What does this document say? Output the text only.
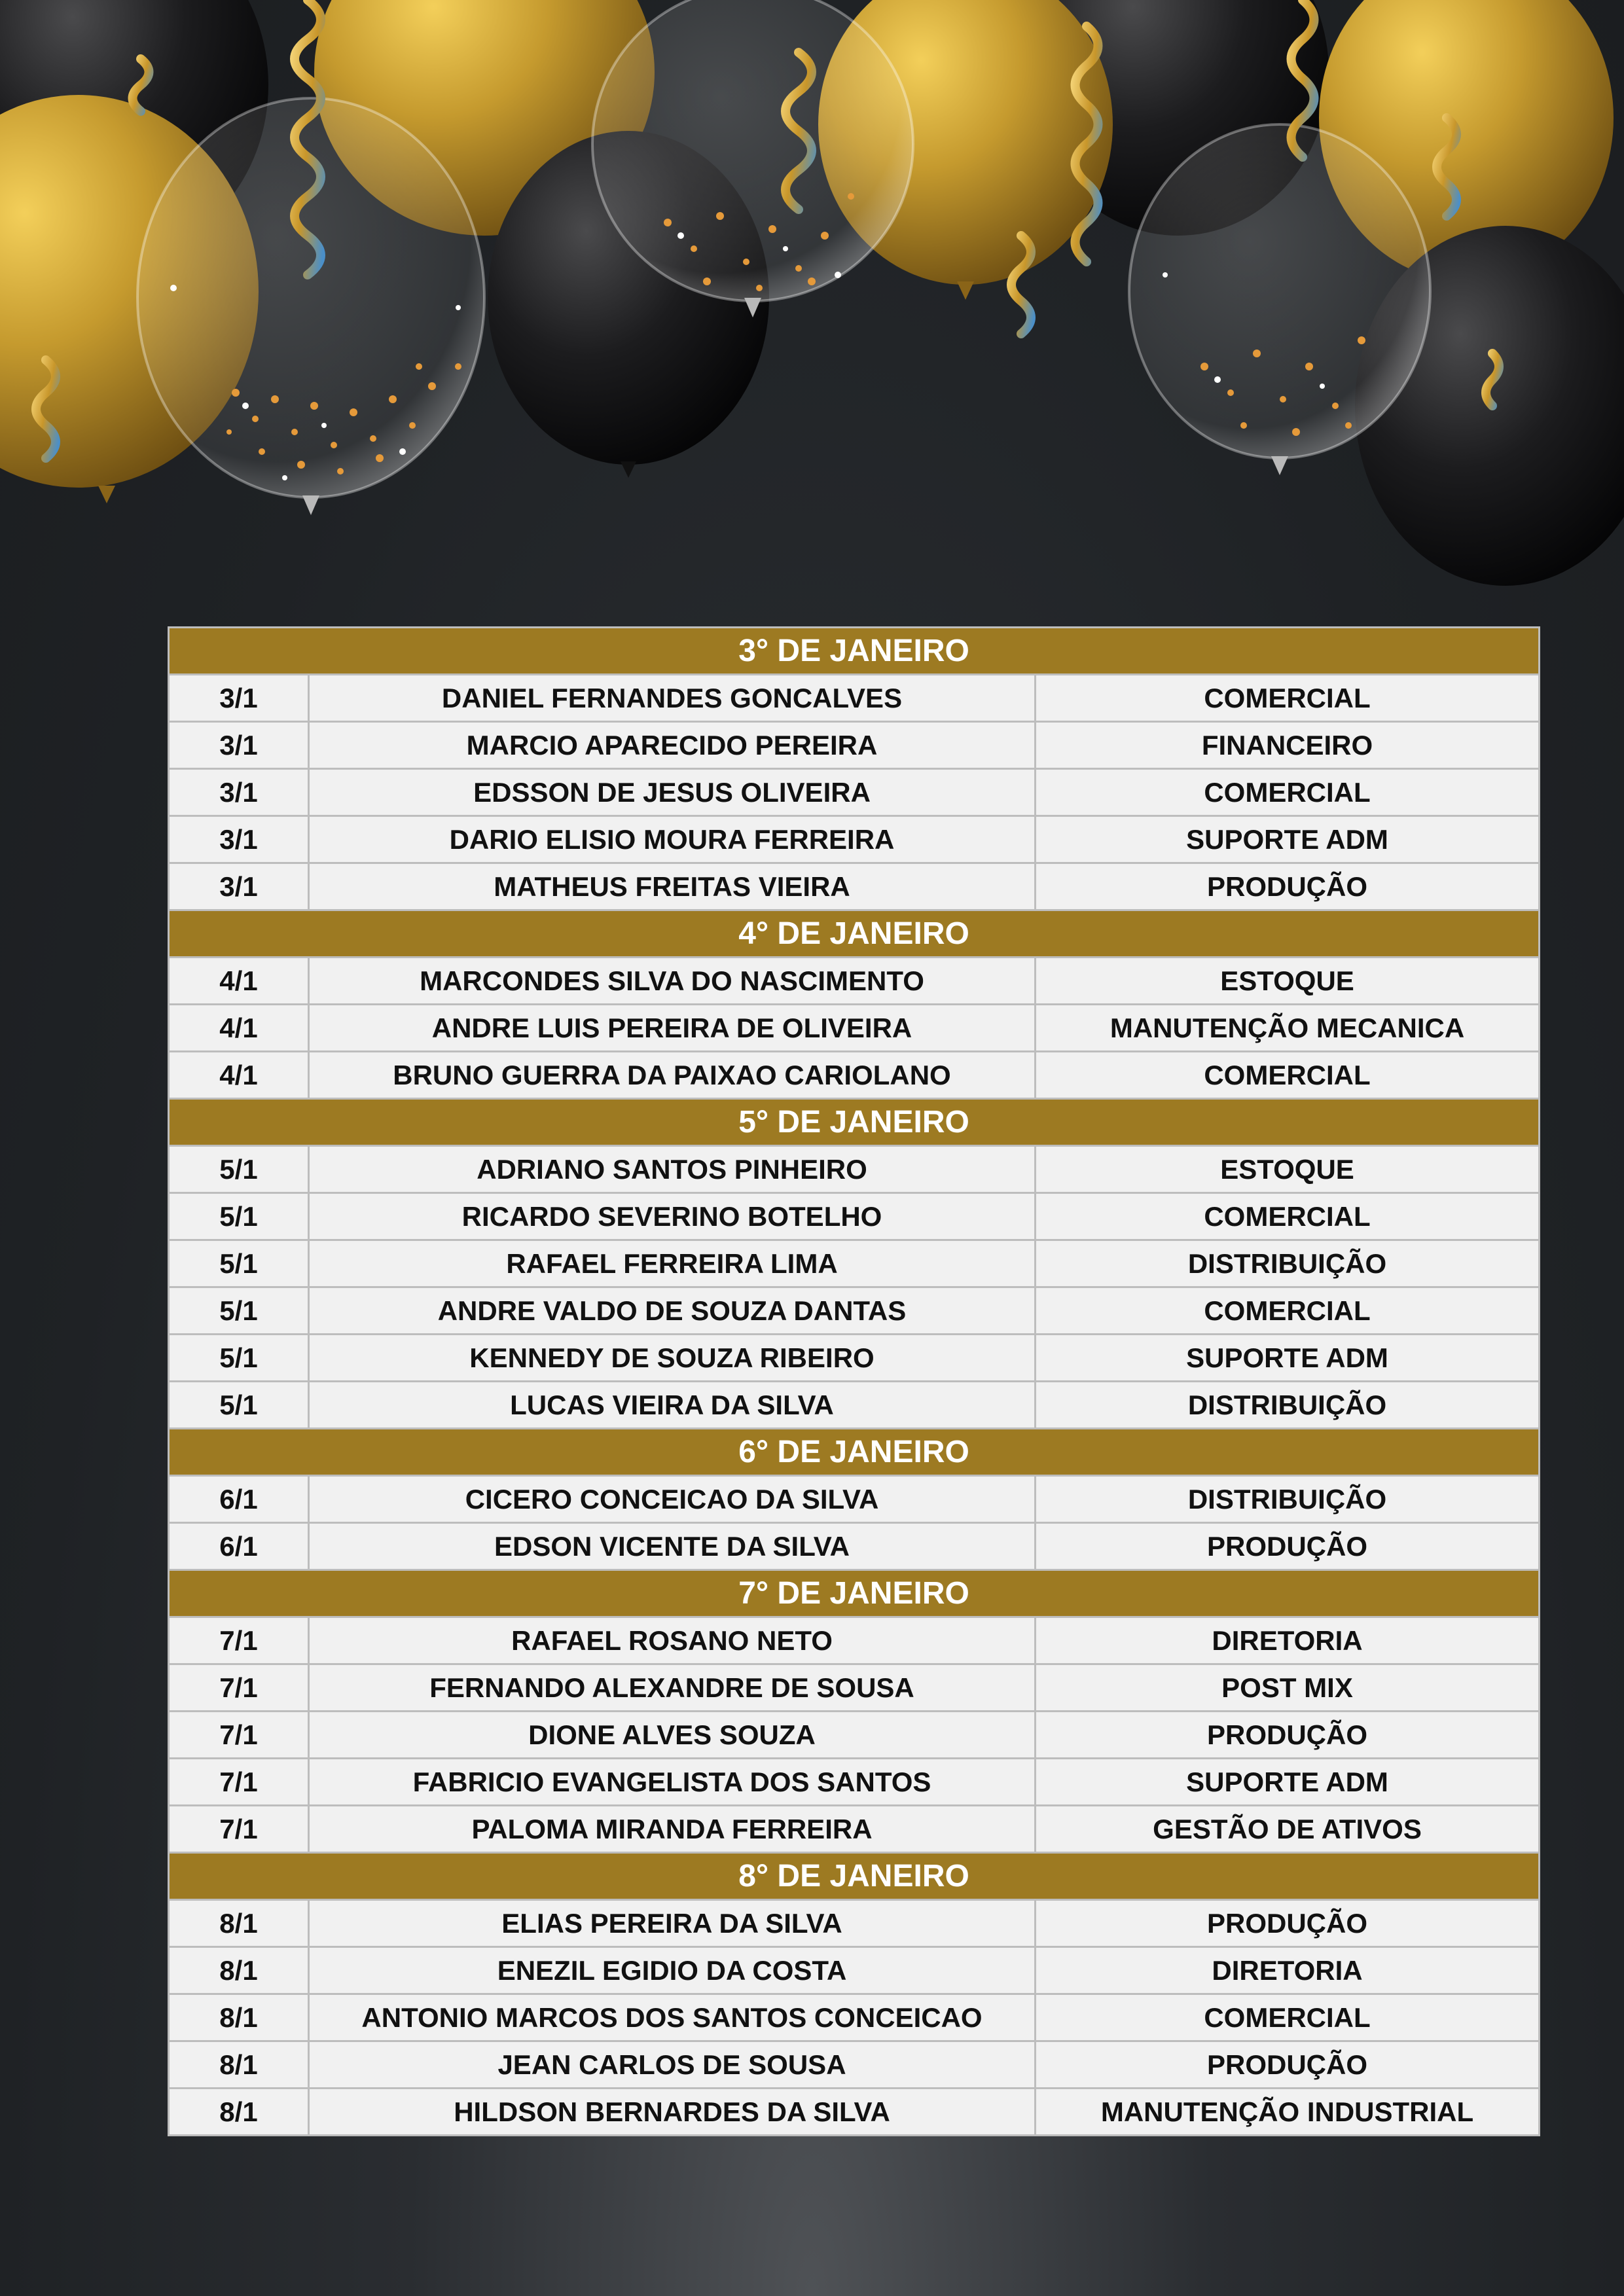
3° DE JANEIRO		
3/1	DANIEL FERNANDES GONCALVES	COMERCIAL
3/1	MARCIO APARECIDO PEREIRA	FINANCEIRO
3/1	EDSSON DE JESUS OLIVEIRA	COMERCIAL
3/1	DARIO ELISIO MOURA FERREIRA	SUPORTE ADM
3/1	MATHEUS FREITAS VIEIRA	PRODUÇÃO
4° DE JANEIRO		
4/1	MARCONDES SILVA DO NASCIMENTO	ESTOQUE
4/1	ANDRE LUIS PEREIRA DE OLIVEIRA	MANUTENÇÃO MECANICA
4/1	BRUNO GUERRA DA PAIXAO CARIOLANO	COMERCIAL
5° DE JANEIRO		
5/1	ADRIANO SANTOS PINHEIRO	ESTOQUE
5/1	RICARDO SEVERINO BOTELHO	COMERCIAL
5/1	RAFAEL FERREIRA LIMA	DISTRIBUIÇÃO
5/1	ANDRE VALDO DE SOUZA DANTAS	COMERCIAL
5/1	KENNEDY DE SOUZA RIBEIRO	SUPORTE ADM
5/1	LUCAS VIEIRA DA SILVA	DISTRIBUIÇÃO
6° DE JANEIRO		
6/1	CICERO CONCEICAO DA SILVA	DISTRIBUIÇÃO
6/1	EDSON VICENTE DA SILVA	PRODUÇÃO
7° DE JANEIRO		
7/1	RAFAEL ROSANO NETO	DIRETORIA
7/1	FERNANDO ALEXANDRE DE SOUSA	POST MIX
7/1	DIONE ALVES SOUZA	PRODUÇÃO
7/1	FABRICIO EVANGELISTA DOS SANTOS	SUPORTE ADM
7/1	PALOMA MIRANDA FERREIRA	GESTÃO DE ATIVOS
8° DE JANEIRO		
8/1	ELIAS PEREIRA DA SILVA	PRODUÇÃO
8/1	ENEZIL EGIDIO DA COSTA	DIRETORIA
8/1	ANTONIO MARCOS DOS SANTOS CONCEICAO	COMERCIAL
8/1	JEAN CARLOS DE SOUSA	PRODUÇÃO
8/1	HILDSON BERNARDES DA SILVA	MANUTENÇÃO INDUSTRIAL
